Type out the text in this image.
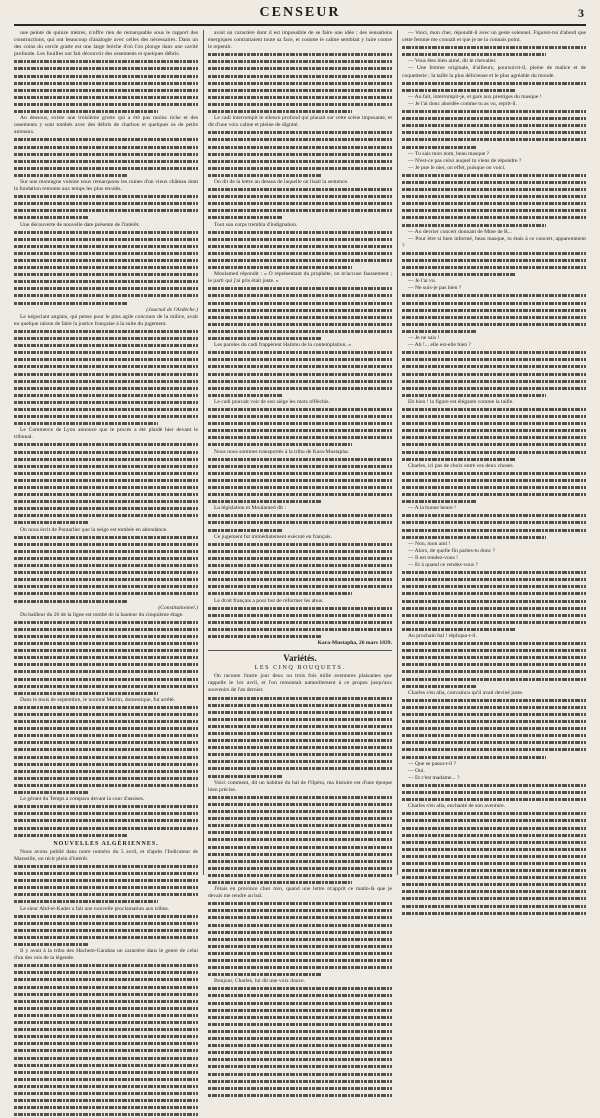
CENSEUR	3

une peinte de quinze mètres, n'offre rien de remarquable sous le rapport des constructions, qui ont beaucoup d'analogie avec celles des nécessaires. Dans un des coins du cercle gratte est une large brèche d'où l'on plonge dans une cavité profonde. Les fouilles ont fait découvrir des ossements et quelques débris.

Au dessous, existe une troisième grotte qui a été pas moins riche et des ossements y sont tombés avec des débris de charbon et quelques os de petits animaux.

Sur une montagne voisine nous remarquons les ruines d'un vieux château dont la fondation remonte aux temps les plus reculés.

Une découverte de nouvelle date présente de l'intérêt.

(Journal de l'Ardèche.)

Le négociant anglais, qui pense pour le plus agile concours de la milice, avait eu quelque raison de faire la justice française à la suite du jugement.

Le Commerce de Lyon annonce que le procès a été plaidé hier devant le tribunal.

On nous écrit de Pontarlier que la neige est tombée en abondance.

(Constitutionnel.)

Du bailleur du 26 de la ligne est tombé de la hauteur du cinquième étage.

Dans le mois de septembre, le nommé Martin, domestique, fut arrêté.

Le gérant du Temps a comparu devant la cour d'assises.

NOUVELLES ALGÉRIENNES.

Nous avons publié dans notre numéro du 5 avril, et d'après l'Indicateur de Marseille, un récit plein d'intérêt.

Le sieur Abd-el-Kader a fait une nouvelle proclamation aux tribus.

Il y avait à la tribu des Hachem-Garabas un caractère dans le genre de celui d'un des rois de la légende.

avait un caractère dont il est impossible de se faire une idée ; des sensations énergiques contrariaient toute sa face, et comme le calme semblait y luire contre le repentir.

Le cadi interrompit le silence profond qui planait sur cette scène imposante, et dit d'une voix calme et pleine de dignité.

On dit de la lettre au dessus de laquelle on lisait la sentence.

Tout son corps trembla d'indignation.

Moulamed répondit : « O représentant du prophète, on m'accuse faussement ; le parti qui j'ai pris était juste. »

Les paroles du cadi frappèrent Halimu de la contemplation. »

Le cadi pouvait voir de son siège les mots réfléchis.

Nous nous sommes transportés à la tribu de Kara-Mustapha.

La législation et Moulamed dit :

Ce jugement fut immédiatement exécuté en français.

Le droit français a pour but de réformer les abus.

Kara-Mustapha, 26 mars 1839.

Variétés.
LES CINQ BOUQUETS.

On raconte l'autre jour deux ou trois fois mille aventures plaisantes que rappelle le 1er avril, et l'on remontait naturellement à ce propos jusqu'aux souvenirs de l'an dernier.

Voici comment, dit un habitué du bal de l'Opéra, ma histoire est d'une époque bien précise.

J'étais en province chez moi, quand une lettre m'apprit ce matin-là que je devais me rendre au bal.

Bonjour, Charles, lui dit une voix douce.

— Voici, mon cher, répondit-il avec un geste solennel. Figurez-toi d'abord que cette femme me connaît et que je ne la connais point.

— Vous êtes bien aimé, dit le chevalier.

— Une femme originale, d'ailleurs, poursuivit-il, pleine de malice et de coquetterie ; la taille la plus délicieuse et le plus agréable du monde.

— Au fait, interrompit-je, et gare aux prestiges du masque !

— Je l'ai donc abordée comme tu as vu, reprit-il.

— Tu sais mon nom, beau masque ?

— N'est-ce pas celui auquel tu viens de répondre ?

— Je pue le nier, on effet, puisque on voici.

— Au devrier concert donnant de Mme de R...

— Pour être si bien informé, beau masque, tu étais à ce concert, apparemment ?

— Je l'ai vu.

— Ne suis-je pas bien ?

— Je ne sais !

— Ah !... elle est-elle bien ?

Eh bien ! la figure est élégante comme la taille.

Charles, ici pas de choix entre ces deux choses.

— A la bonne heure !

— Non, mon ami !

— Alors, de quelle fin parles-tu donc ?

— Il est rendez-vous !

— Et à quand ce rendez-vous ?

Au prochain bal ! répliqua-t-il.

Charles s'en alla, convaincu qu'il avait deviné juste.

— Que se passa-t-il ?

— Oui.

— Et c'est madame... ?

Charles s'en alla, enchanté de son aventure.
